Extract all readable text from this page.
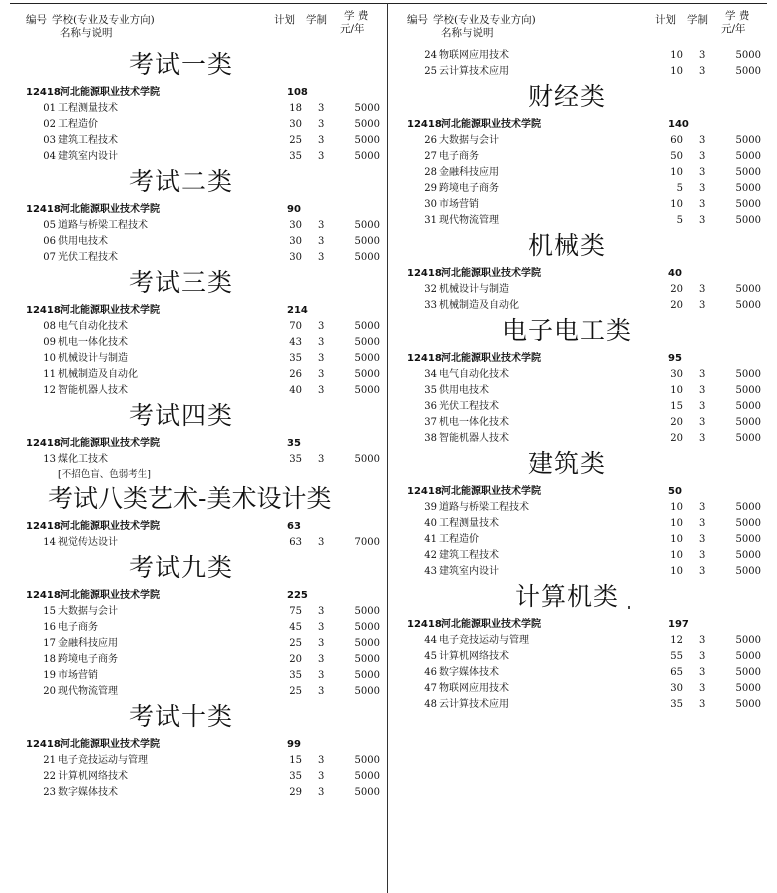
编号 学校(专业及专业方向)
名称与说明
计划 学制 学 费
元/年
考试一类
12418 河北能源职业技术学院	108
01 工程测量技术	18 3	5000
02 工程造价	30 3	5000
03 建筑工程技术	25 3	5000
04 建筑室内设计	35 3	5000
考试二类
12418 河北能源职业技术学院	90
05 道路与桥梁工程技术	30 3	5000
06 供用电技术	30 3	5000
07 光伏工程技术	30 3	5000
考试三类
12418 河北能源职业技术学院	214
08 电气自动化技术	70 3	5000
09 机电一体化技术	43 3	5000
10 机械设计与制造	35 3	5000
11 机械制造及自动化	26 3	5000
12 智能机器人技术	40 3	5000
考试四类
12418 河北能源职业技术学院	35
13 煤化工技术	35 3	5000
[不招色盲、色弱考生]
考试八类艺术-美术设计类
12418 河北能源职业技术学院	63
14 视觉传达设计	63 3	7000
考试九类
12418 河北能源职业技术学院	225
15 大数据与会计	75 3	5000
16 电子商务	45 3	5000
17 金融科技应用	25 3	5000
18 跨境电子商务	20 3	5000
19 市场营销	35 3	5000
20 现代物流管理	25 3	5000
考试十类
12418 河北能源职业技术学院	99
21 电子竞技运动与管理	15 3	5000
22 计算机网络技术	35 3	5000
23 数字媒体技术	29 3	5000
编号 学校(专业及专业方向)
名称与说明
计划 学制 学 费
元/年
24 物联网应用技术	10 3	5000
25 云计算技术应用	10 3	5000
财经类
12418 河北能源职业技术学院	140
26 大数据与会计	60 3	5000
27 电子商务	50 3	5000
28 金融科技应用	10 3	5000
29 跨境电子商务	5 3	5000
30 市场营销	10 3	5000
31 现代物流管理	5 3	5000
机械类
12418 河北能源职业技术学院	40
32 机械设计与制造	20 3	5000
33 机械制造及自动化	20 3	5000
电子电工类
12418 河北能源职业技术学院	95
34 电气自动化技术	30 3	5000
35 供用电技术	10 3	5000
36 光伏工程技术	15 3	5000
37 机电一体化技术	20 3	5000
38 智能机器人技术	20 3	5000
建筑类
12418 河北能源职业技术学院	50
39 道路与桥梁工程技术	10 3	5000
40 工程测量技术	10 3	5000
41 工程造价	10 3	5000
42 建筑工程技术	10 3	5000
43 建筑室内设计	10 3	5000
计算机类
12418 河北能源职业技术学院	197
44 电子竞技运动与管理	12 3	5000
45 计算机网络技术	55 3	5000
46 数字媒体技术	65 3	5000
47 物联网应用技术	30 3	5000
48 云计算技术应用	35 3	5000
